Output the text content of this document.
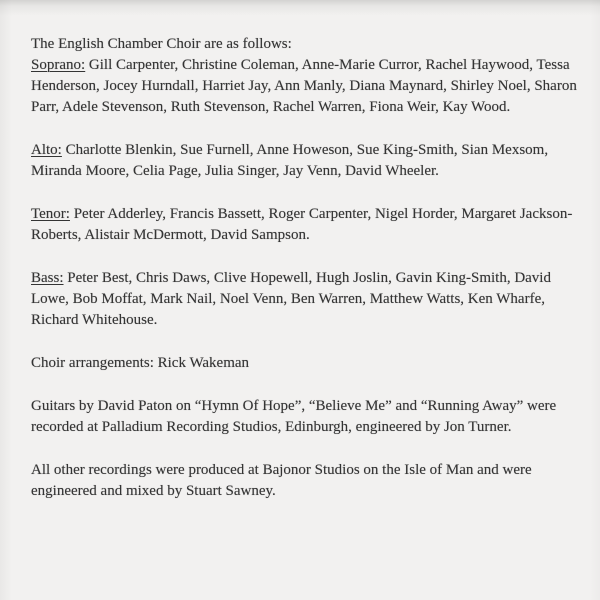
The English Chamber Choir are as follows:

Soprano: Gill Carpenter, Christine Coleman, Anne-Marie Curror, Rachel Haywood, Tessa Henderson, Jocey Hurndall, Harriet Jay, Ann Manly, Diana Maynard, Shirley Noel, Sharon Parr, Adele Stevenson, Ruth Stevenson, Rachel Warren, Fiona Weir, Kay Wood.

Alto: Charlotte Blenkin, Sue Furnell, Anne Howeson, Sue King-Smith, Sian Mexsom, Miranda Moore, Celia Page, Julia Singer, Jay Venn, David Wheeler.

Tenor: Peter Adderley, Francis Bassett, Roger Carpenter, Nigel Horder, Margaret Jackson-Roberts, Alistair McDermott, David Sampson.

Bass: Peter Best, Chris Daws, Clive Hopewell, Hugh Joslin, Gavin King-Smith, David Lowe, Bob Moffat, Mark Nail, Noel Venn, Ben Warren, Matthew Watts, Ken Wharfe, Richard Whitehouse.

Choir arrangements: Rick Wakeman

Guitars by David Paton on “Hymn Of Hope”, “Believe Me” and “Running Away” were recorded at Palladium Recording Studios, Edinburgh, engineered by Jon Turner.

All other recordings were produced at Bajonor Studios on the Isle of Man and were engineered and mixed by Stuart Sawney.
